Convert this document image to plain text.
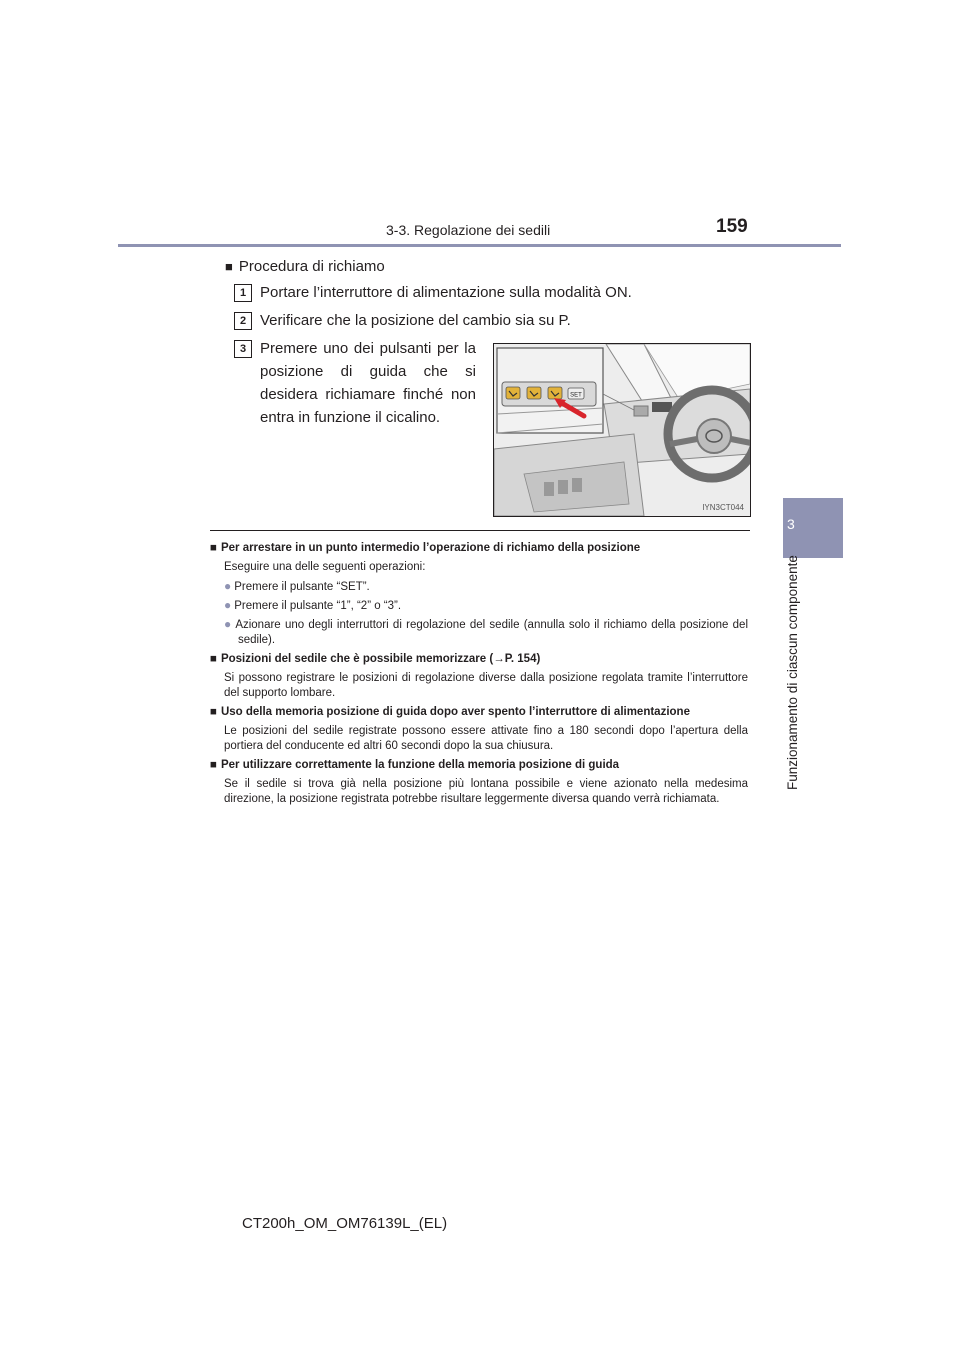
3-3. Regolazione dei sedili	159
3
Funzionamento di ciascun componente
■ Procedura di richiamo
1 Portare l’interruttore di alimentazione sulla modalità ON.
2 Verificare che la posizione del cambio sia su P.
3 Premere uno dei pulsanti per la posizione di guida che si desidera richiamare finché non entra in funzione il cicalino.
SET
IYN3CT044

■ Per arrestare in un punto intermedio l’operazione di richiamo della posizione

Eseguire una delle seguenti operazioni:

● Premere il pulsante “SET”.

● Premere il pulsante “1”, “2” o “3”.

● Azionare uno degli interruttori di regolazione del sedile (annulla solo il richiamo della posizione del sedile).

■ Posizioni del sedile che è possibile memorizzare (→P. 154)

Si possono registrare le posizioni di regolazione diverse dalla posizione regolata tramite l’interruttore del supporto lombare.

■ Uso della memoria posizione di guida dopo aver spento l’interruttore di alimentazione

Le posizioni del sedile registrate possono essere attivate fino a 180 secondi dopo l’apertura della portiera del conducente ed altri 60 secondi dopo la sua chiusura.

■ Per utilizzare correttamente la funzione della memoria posizione di guida

Se il sedile si trova già nella posizione più lontana possibile e viene azionato nella medesima direzione, la posizione registrata potrebbe risultare leggermente diversa quando verrà richiamata.

CT200h_OM_OM76139L_(EL)
